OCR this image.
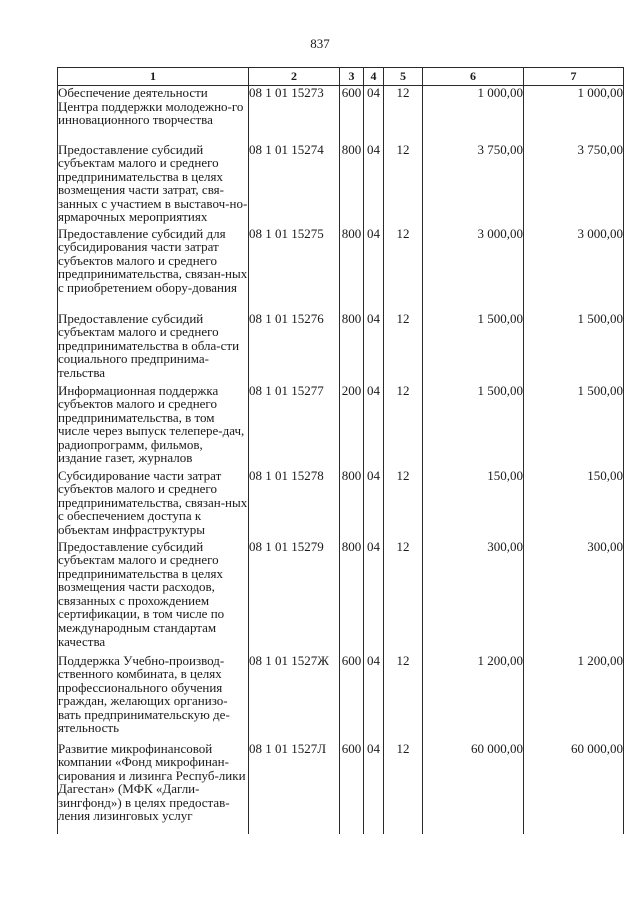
837
1	2	3	4	5	6	7
Обеспечение деятельности Центра поддержки молодежно-го инновационного творчества	08 1 01 15273	600	04	12	1 000,00	1 000,00
Предоставление субсидий субъектам малого и среднего предпринимательства в целях возмещения части затрат, свя-занных с участием в выставоч-но-ярмарочных мероприятиях	08 1 01 15274	800	04	12	3 750,00	3 750,00
Предоставление субсидий для субсидирования части затрат субъектов малого и среднего предпринимательства, связан-ных с приобретением обору-дования	08 1 01 15275	800	04	12	3 000,00	3 000,00
Предоставление субсидий субъектам малого и среднего предпринимательства в обла-сти социального предпринима-тельства	08 1 01 15276	800	04	12	1 500,00	1 500,00
Информационная поддержка субъектов малого и среднего предпринимательства, в том числе через выпуск телепере-дач, радиопрограмм, фильмов, издание газет, журналов	08 1 01 15277	200	04	12	1 500,00	1 500,00
Субсидирование части затрат субъектов малого и среднего предпринимательства, связан-ных с обеспечением доступа к объектам инфраструктуры	08 1 01 15278	800	04	12	150,00	150,00
Предоставление субсидий субъектам малого и среднего предпринимательства в целях возмещения части расходов, связанных с прохождением сертификации, в том числе по международным стандартам качества	08 1 01 15279	800	04	12	300,00	300,00
Поддержка Учебно-производ-ственного комбината, в целях профессионального обучения граждан, желающих организо-вать предпринимательскую де-ятельность	08 1 01 1527Ж	600	04	12	1 200,00	1 200,00
Развитие микрофинансовой компании «Фонд микрофинан-сирования и лизинга Респуб-лики Дагестан» (МФК «Дагли-зингфонд») в целях предостав-ления лизинговых услуг	08 1 01 1527Л	600	04	12	60 000,00	60 000,00
